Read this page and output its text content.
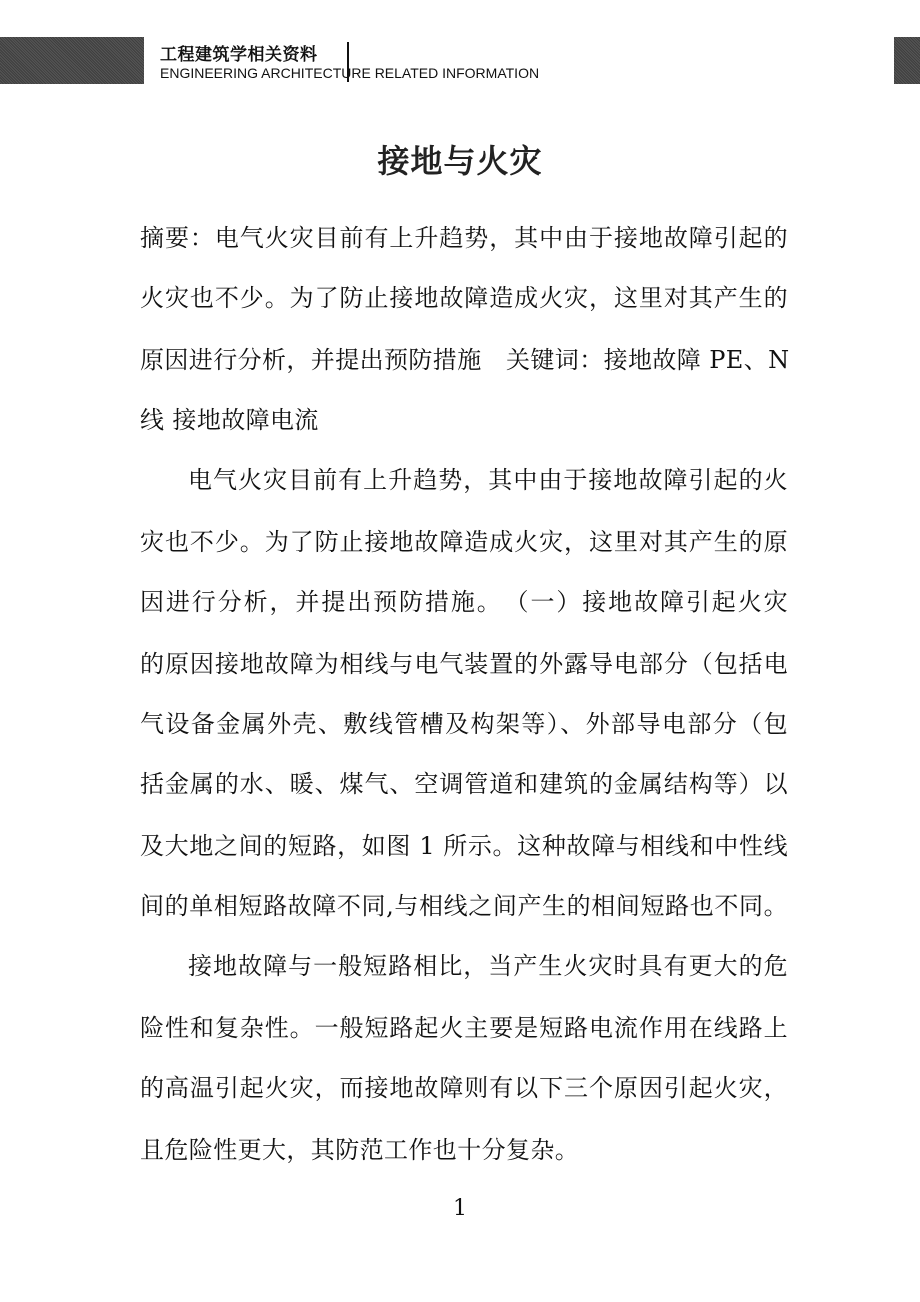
工程建筑学相关资料
ENGINEERING ARCHITECTURE RELATED INFORMATION
接地与火灾
摘要：电气火灾目前有上升趋势，其中由于接地故障引起的
火灾也不少。为了防止接地故障造成火灾，这里对其产生的
原因进行分析，并提出预防措施　关键词：接地故障 PE、N
线 接地故障电流
电气火灾目前有上升趋势，其中由于接地故障引起的火
灾也不少。为了防止接地故障造成火灾，这里对其产生的原
因进行分析，并提出预防措施。　（一）接地故障引起火灾
的原因接地故障为相线与电气装置的外露导电部分（包括电
气设备金属外壳、敷线管槽及构架等）、外部导电部分（包
括金属的水、暖、煤气、空调管道和建筑的金属结构等）以
及大地之间的短路，如图 1 所示。这种故障与相线和中性线
间的单相短路故障不同,与相线之间产生的相间短路也不同。
接地故障与一般短路相比，当产生火灾时具有更大的危
险性和复杂性。一般短路起火主要是短路电流作用在线路上
的高温引起火灾，而接地故障则有以下三个原因引起火灾，
且危险性更大，其防范工作也十分复杂。
1
